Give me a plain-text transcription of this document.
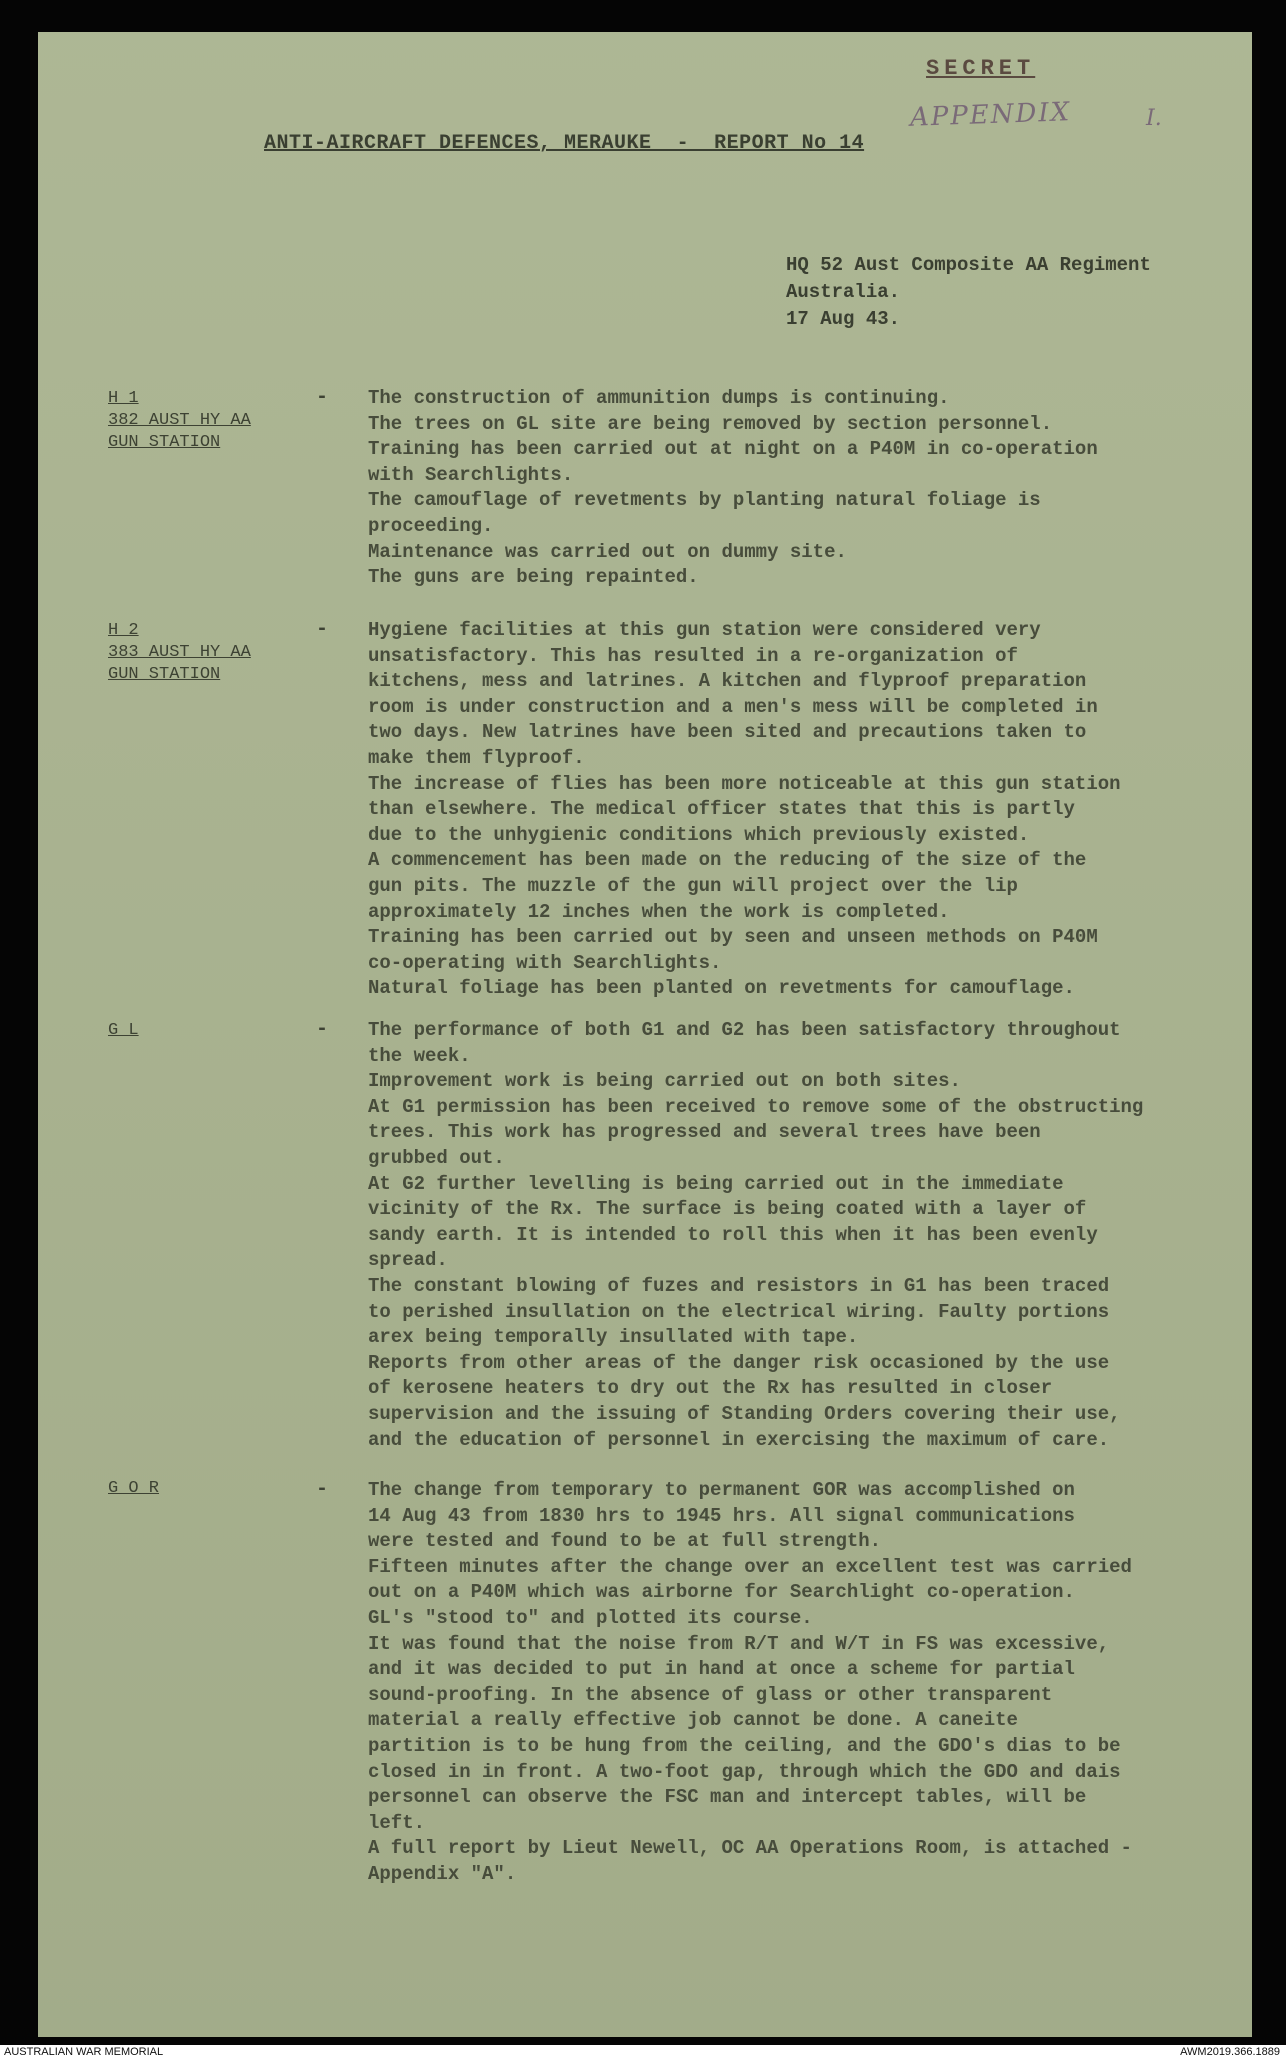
SECRET
APPENDIX	I.
ANTI-AIRCRAFT DEFENCES, MERAUKE  -  REPORT No 14
HQ 52 Aust Composite AA Regiment
Australia.
17 Aug 43.
H 1
382 AUST HY AA
GUN STATION
- The construction of ammunition dumps is continuing.
The trees on GL site are being removed by section personnel.
Training has been carried out at night on a P40M in co-operation
with Searchlights.
The camouflage of revetments by planting natural foliage is
proceeding.
Maintenance was carried out on dummy site.
The guns are being repainted.
H 2
383 AUST HY AA
GUN STATION
- Hygiene facilities at this gun station were considered very
unsatisfactory. This has resulted in a re-organization of
kitchens, mess and latrines. A kitchen and flyproof preparation
room is under construction and a men's mess will be completed in
two days. New latrines have been sited and precautions taken to
make them flyproof.
The increase of flies has been more noticeable at this gun station
than elsewhere. The medical officer states that this is partly
due to the unhygienic conditions which previously existed.
A commencement has been made on the reducing of the size of the
gun pits. The muzzle of the gun will project over the lip
approximately 12 inches when the work is completed.
Training has been carried out by seen and unseen methods on P40M
co-operating with Searchlights.
Natural foliage has been planted on revetments for camouflage.
G L	- The performance of both G1 and G2 has been satisfactory throughout
the week.
Improvement work is being carried out on both sites.
At G1 permission has been received to remove some of the obstructing
trees. This work has progressed and several trees have been
grubbed out.
At G2 further levelling is being carried out in the immediate
vicinity of the Rx. The surface is being coated with a layer of
sandy earth. It is intended to roll this when it has been evenly
spread.
The constant blowing of fuzes and resistors in G1 has been traced
to perished insullation on the electrical wiring. Faulty portions
arex being temporally insullated with tape.
Reports from other areas of the danger risk occasioned by the use
of kerosene heaters to dry out the Rx has resulted in closer
supervision and the issuing of Standing Orders covering their use,
and the education of personnel in exercising the maximum of care.
G O R	- The change from temporary to permanent GOR was accomplished on
14 Aug 43 from 1830 hrs to 1945 hrs. All signal communications
were tested and found to be at full strength.
Fifteen minutes after the change over an excellent test was carried
out on a P40M which was airborne for Searchlight co-operation.
GL's "stood to" and plotted its course.
It was found that the noise from R/T and W/T in FS was excessive,
and it was decided to put in hand at once a scheme for partial
sound-proofing. In the absence of glass or other transparent
material a really effective job cannot be done. A caneite
partition is to be hung from the ceiling, and the GDO's dias to be
closed in in front. A two-foot gap, through which the GDO and dais
personnel can observe the FSC man and intercept tables, will be
left.
A full report by Lieut Newell, OC AA Operations Room, is attached -
Appendix "A".
AUSTRALIAN WAR MEMORIAL	AWM2019.366.1889
